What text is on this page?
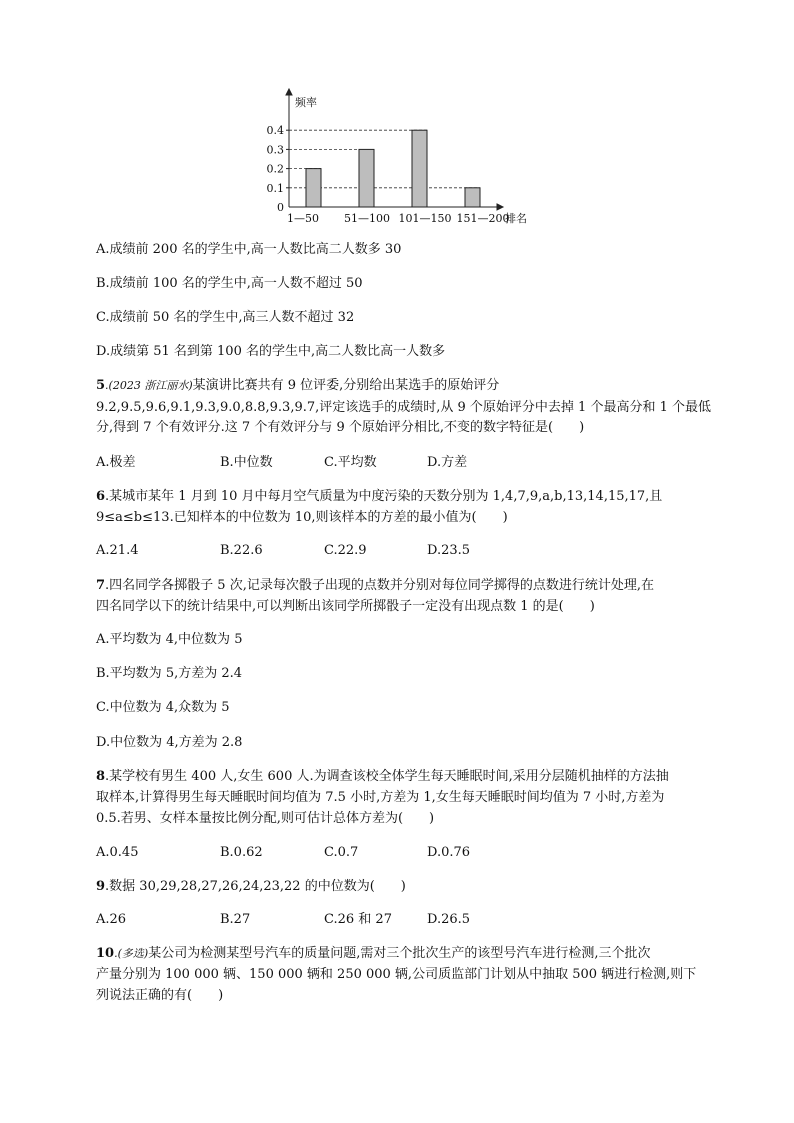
0.4
0.3
0.2
0.1
0
频率
1—50 51—100 101—150 151—200
排名
A.成绩前 200 名的学生中,高一人数比高二人数多 30
B.成绩前 100 名的学生中,高一人数不超过 50
C.成绩前 50 名的学生中,高三人数不超过 32
D.成绩第 51 名到第 100 名的学生中,高二人数比高一人数多
5.(2023 浙江丽水)某演讲比赛共有 9 位评委,分别给出某选手的原始评分
9.2,9.5,9.6,9.1,9.3,9.0,8.8,9.3,9.7,评定该选手的成绩时,从 9 个原始评分中去掉 1 个最高分和 1 个最低
分,得到 7 个有效评分.这 7 个有效评分与 9 个原始评分相比,不变的数字特征是(　　)
A.极差	B.中位数	C.平均数	D.方差
6.某城市某年 1 月到 10 月中每月空气质量为中度污染的天数分别为 1,4,7,9,a,b,13,14,15,17,且
9≤a≤b≤13.已知样本的中位数为 10,则该样本的方差的最小值为(　　)
A.21.4	B.22.6	C.22.9	D.23.5
7.四名同学各掷骰子 5 次,记录每次骰子出现的点数并分别对每位同学掷得的点数进行统计处理,在
四名同学以下的统计结果中,可以判断出该同学所掷骰子一定没有出现点数 1 的是(　　)
A.平均数为 4,中位数为 5
B.平均数为 5,方差为 2.4
C.中位数为 4,众数为 5
D.中位数为 4,方差为 2.8
8.某学校有男生 400 人,女生 600 人.为调查该校全体学生每天睡眠时间,采用分层随机抽样的方法抽
取样本,计算得男生每天睡眠时间均值为 7.5 小时,方差为 1,女生每天睡眠时间均值为 7 小时,方差为
0.5.若男、女样本量按比例分配,则可估计总体方差为(　　)
A.0.45	B.0.62	C.0.7	D.0.76
9.数据 30,29,28,27,26,24,23,22 的中位数为(　　)
A.26	B.27	C.26 和 27	D.26.5
10.(多选)某公司为检测某型号汽车的质量问题,需对三个批次生产的该型号汽车进行检测,三个批次
产量分别为 100 000 辆、150 000 辆和 250 000 辆,公司质监部门计划从中抽取 500 辆进行检测,则下
列说法正确的有(　　)
